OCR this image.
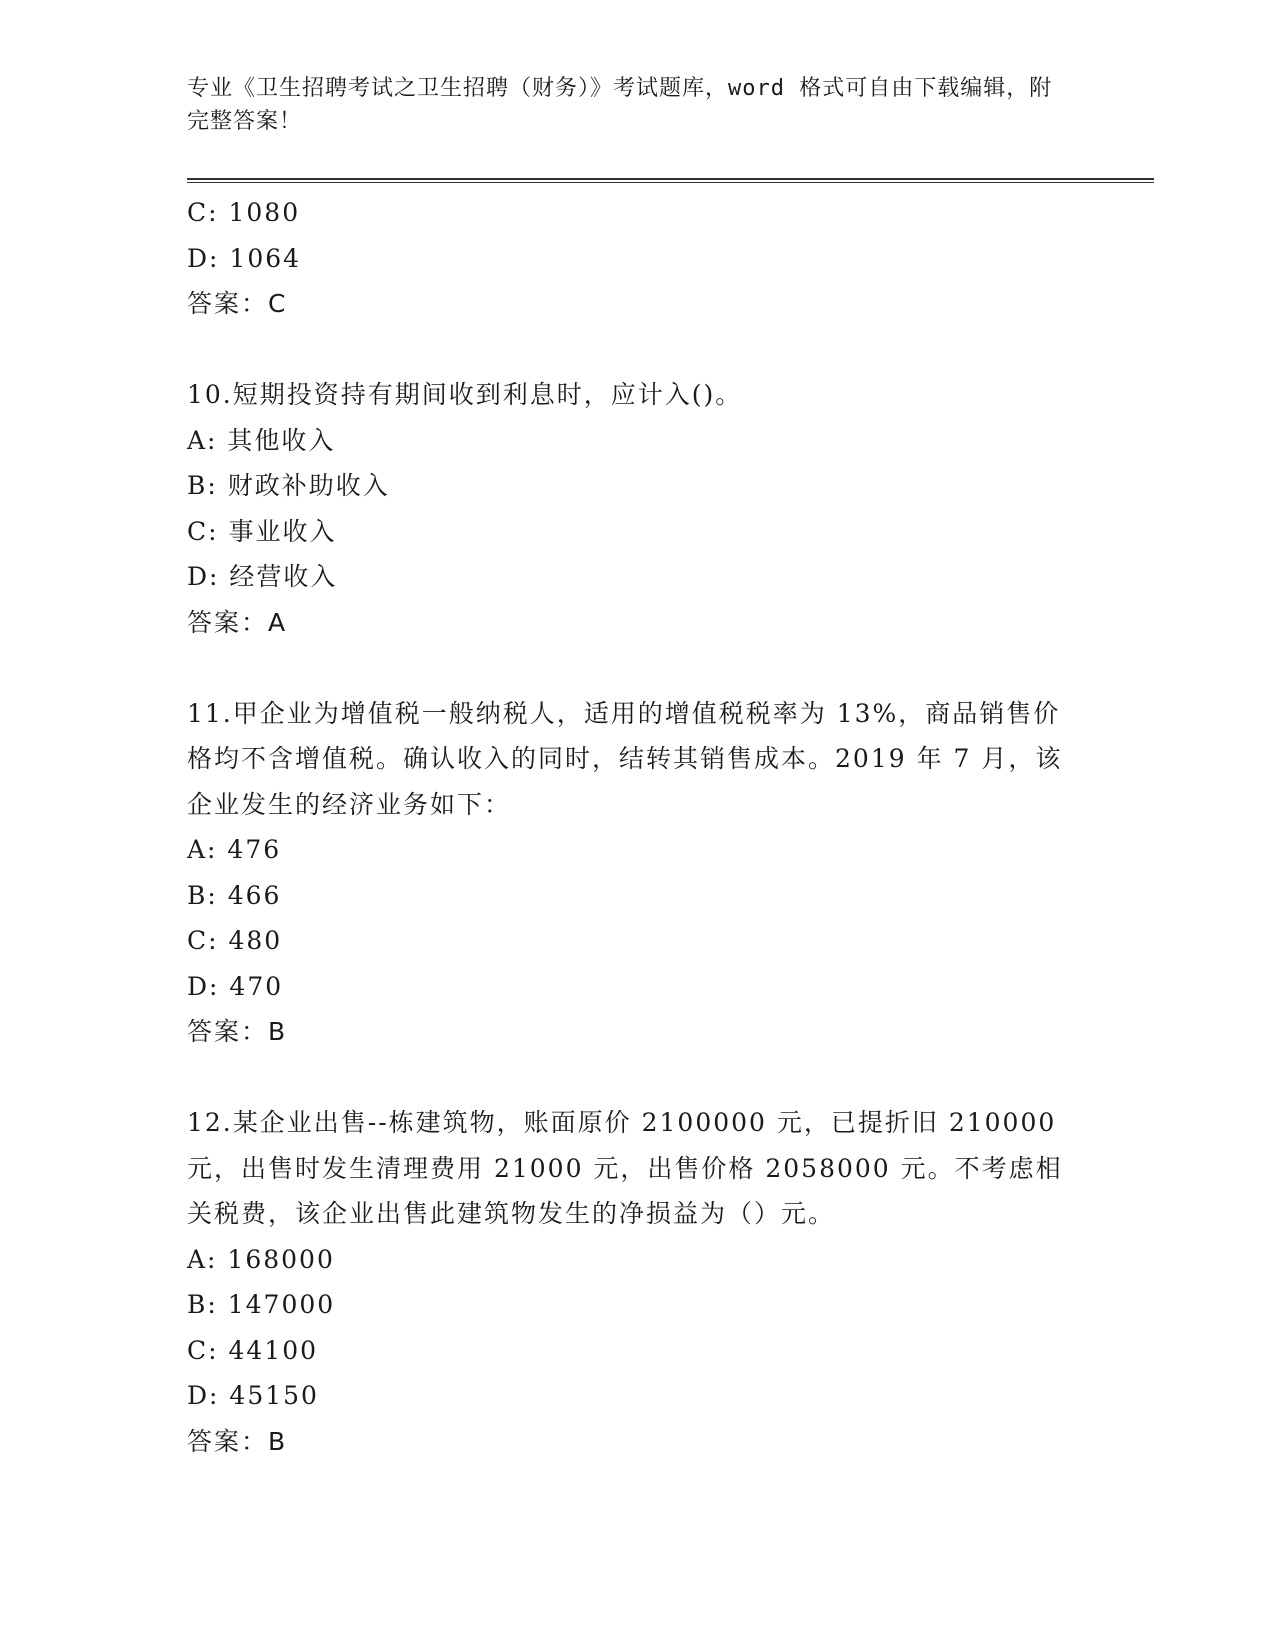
专业《卫生招聘考试之卫生招聘（财务）》考试题库，word 格式可自由下载编辑，附完整答案！
C: 1080
D: 1064
答案：C
10.短期投资持有期间收到利息时，应计入()。
A: 其他收入
B: 财政补助收入
C: 事业收入
D: 经营收入
答案：A
11.甲企业为增值税一般纳税人，适用的增值税税率为 13%，商品销售价格均不含增值税。确认收入的同时，结转其销售成本。2019 年 7 月，该企业发生的经济业务如下：
A: 476
B: 466
C: 480
D: 470
答案：B
12.某企业出售--栋建筑物，账面原价 2100000 元，已提折旧 210000 元，出售时发生清理费用 21000 元，出售价格 2058000 元。不考虑相关税费，该企业出售此建筑物发生的净损益为（）元。
A: 168000
B: 147000
C: 44100
D: 45150
答案：B
